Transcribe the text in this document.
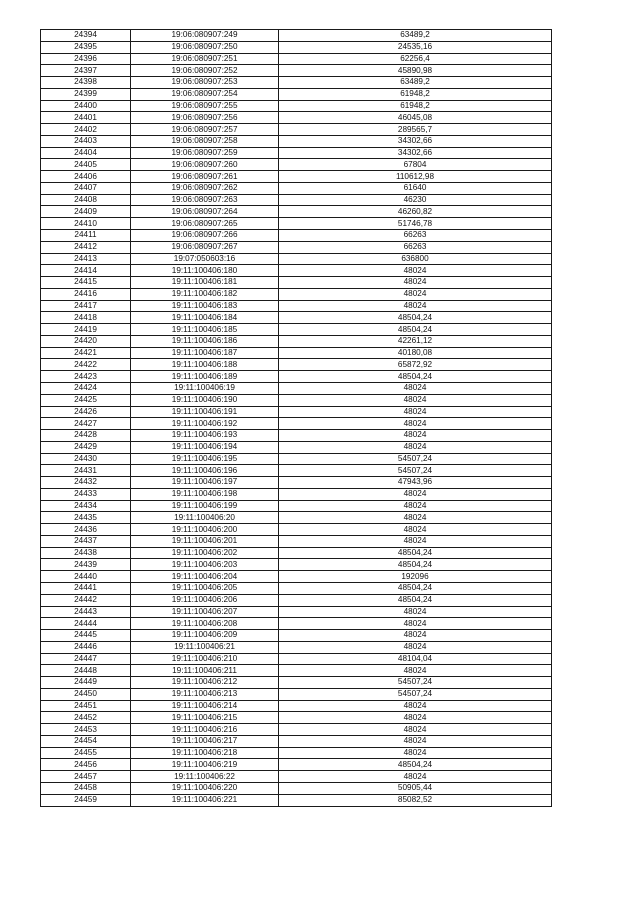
24394	19:06:080907:249	63489,2
24395	19:06:080907:250	24535,16
24396	19:06:080907:251	62256,4
24397	19:06:080907:252	45890,98
24398	19:06:080907:253	63489,2
24399	19:06:080907:254	61948,2
24400	19:06:080907:255	61948,2
24401	19:06:080907:256	46045,08
24402	19:06:080907:257	289565,7
24403	19:06:080907:258	34302,66
24404	19:06:080907:259	34302,66
24405	19:06:080907:260	67804
24406	19:06:080907:261	110612,98
24407	19:06:080907:262	61640
24408	19:06:080907:263	46230
24409	19:06:080907:264	46260,82
24410	19:06:080907:265	51746,78
24411	19:06:080907:266	66263
24412	19:06:080907:267	66263
24413	19:07:050603:16	636800
24414	19:11:100406:180	48024
24415	19:11:100406:181	48024
24416	19:11:100406:182	48024
24417	19:11:100406:183	48024
24418	19:11:100406:184	48504,24
24419	19:11:100406:185	48504,24
24420	19:11:100406:186	42261,12
24421	19:11:100406:187	40180,08
24422	19:11:100406:188	65872,92
24423	19:11:100406:189	48504,24
24424	19:11:100406:19	48024
24425	19:11:100406:190	48024
24426	19:11:100406:191	48024
24427	19:11:100406:192	48024
24428	19:11:100406:193	48024
24429	19:11:100406:194	48024
24430	19:11:100406:195	54507,24
24431	19:11:100406:196	54507,24
24432	19:11:100406:197	47943,96
24433	19:11:100406:198	48024
24434	19:11:100406:199	48024
24435	19:11:100406:20	48024
24436	19:11:100406:200	48024
24437	19:11:100406:201	48024
24438	19:11:100406:202	48504,24
24439	19:11:100406:203	48504,24
24440	19:11:100406:204	192096
24441	19:11:100406:205	48504,24
24442	19:11:100406:206	48504,24
24443	19:11:100406:207	48024
24444	19:11:100406:208	48024
24445	19:11:100406:209	48024
24446	19:11:100406:21	48024
24447	19:11:100406:210	48104,04
24448	19:11:100406:211	48024
24449	19:11:100406:212	54507,24
24450	19:11:100406:213	54507,24
24451	19:11:100406:214	48024
24452	19:11:100406:215	48024
24453	19:11:100406:216	48024
24454	19:11:100406:217	48024
24455	19:11:100406:218	48024
24456	19:11:100406:219	48504,24
24457	19:11:100406:22	48024
24458	19:11:100406:220	50905,44
24459	19:11:100406:221	85082,52
